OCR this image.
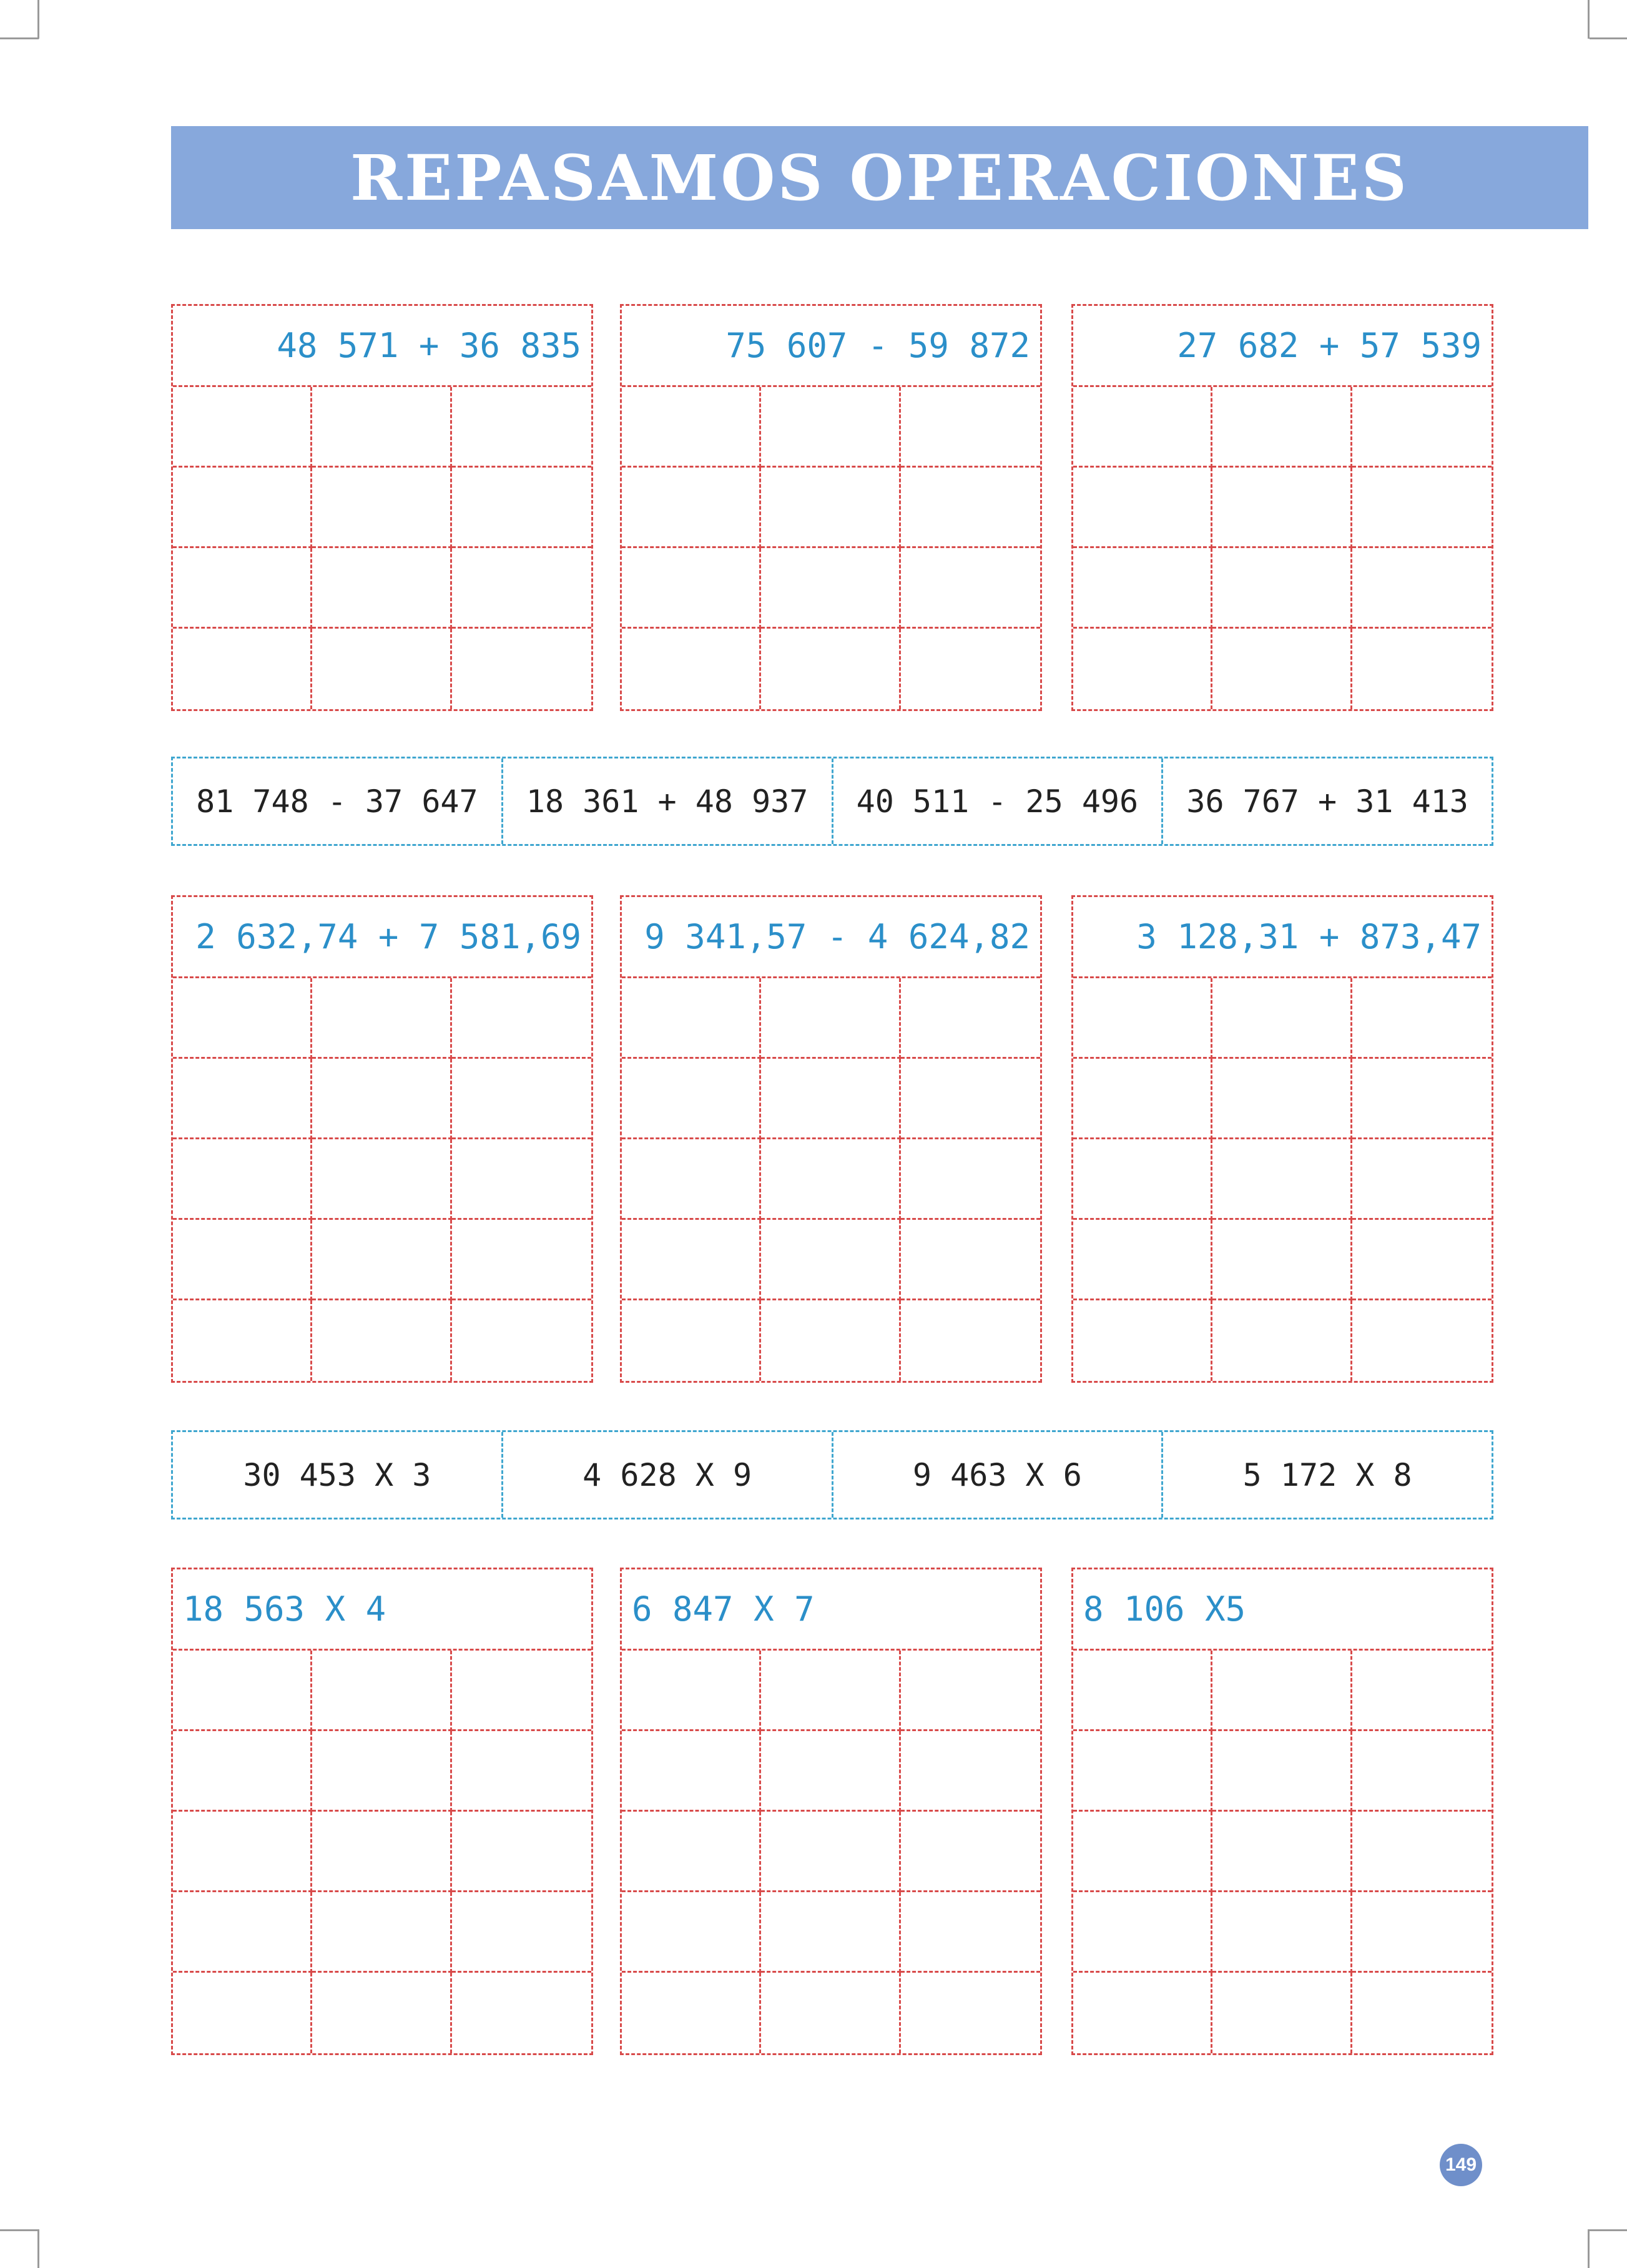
REPASAMOS OPERACIONES
48 571 + 36 835	75 607 - 59 872	27 682 + 57 539
81 748 - 37 647	18 361 + 48 937	40 511 - 25 496	36 767 + 31 413
2 632,74 + 7 581,69	9 341,57 - 4 624,82	3 128,31 + 873,47
30 453 X 3	4 628 X 9	9 463 X 6	5 172 X 8
18 563 X 4	6 847 X 7	8 106 X5
149
